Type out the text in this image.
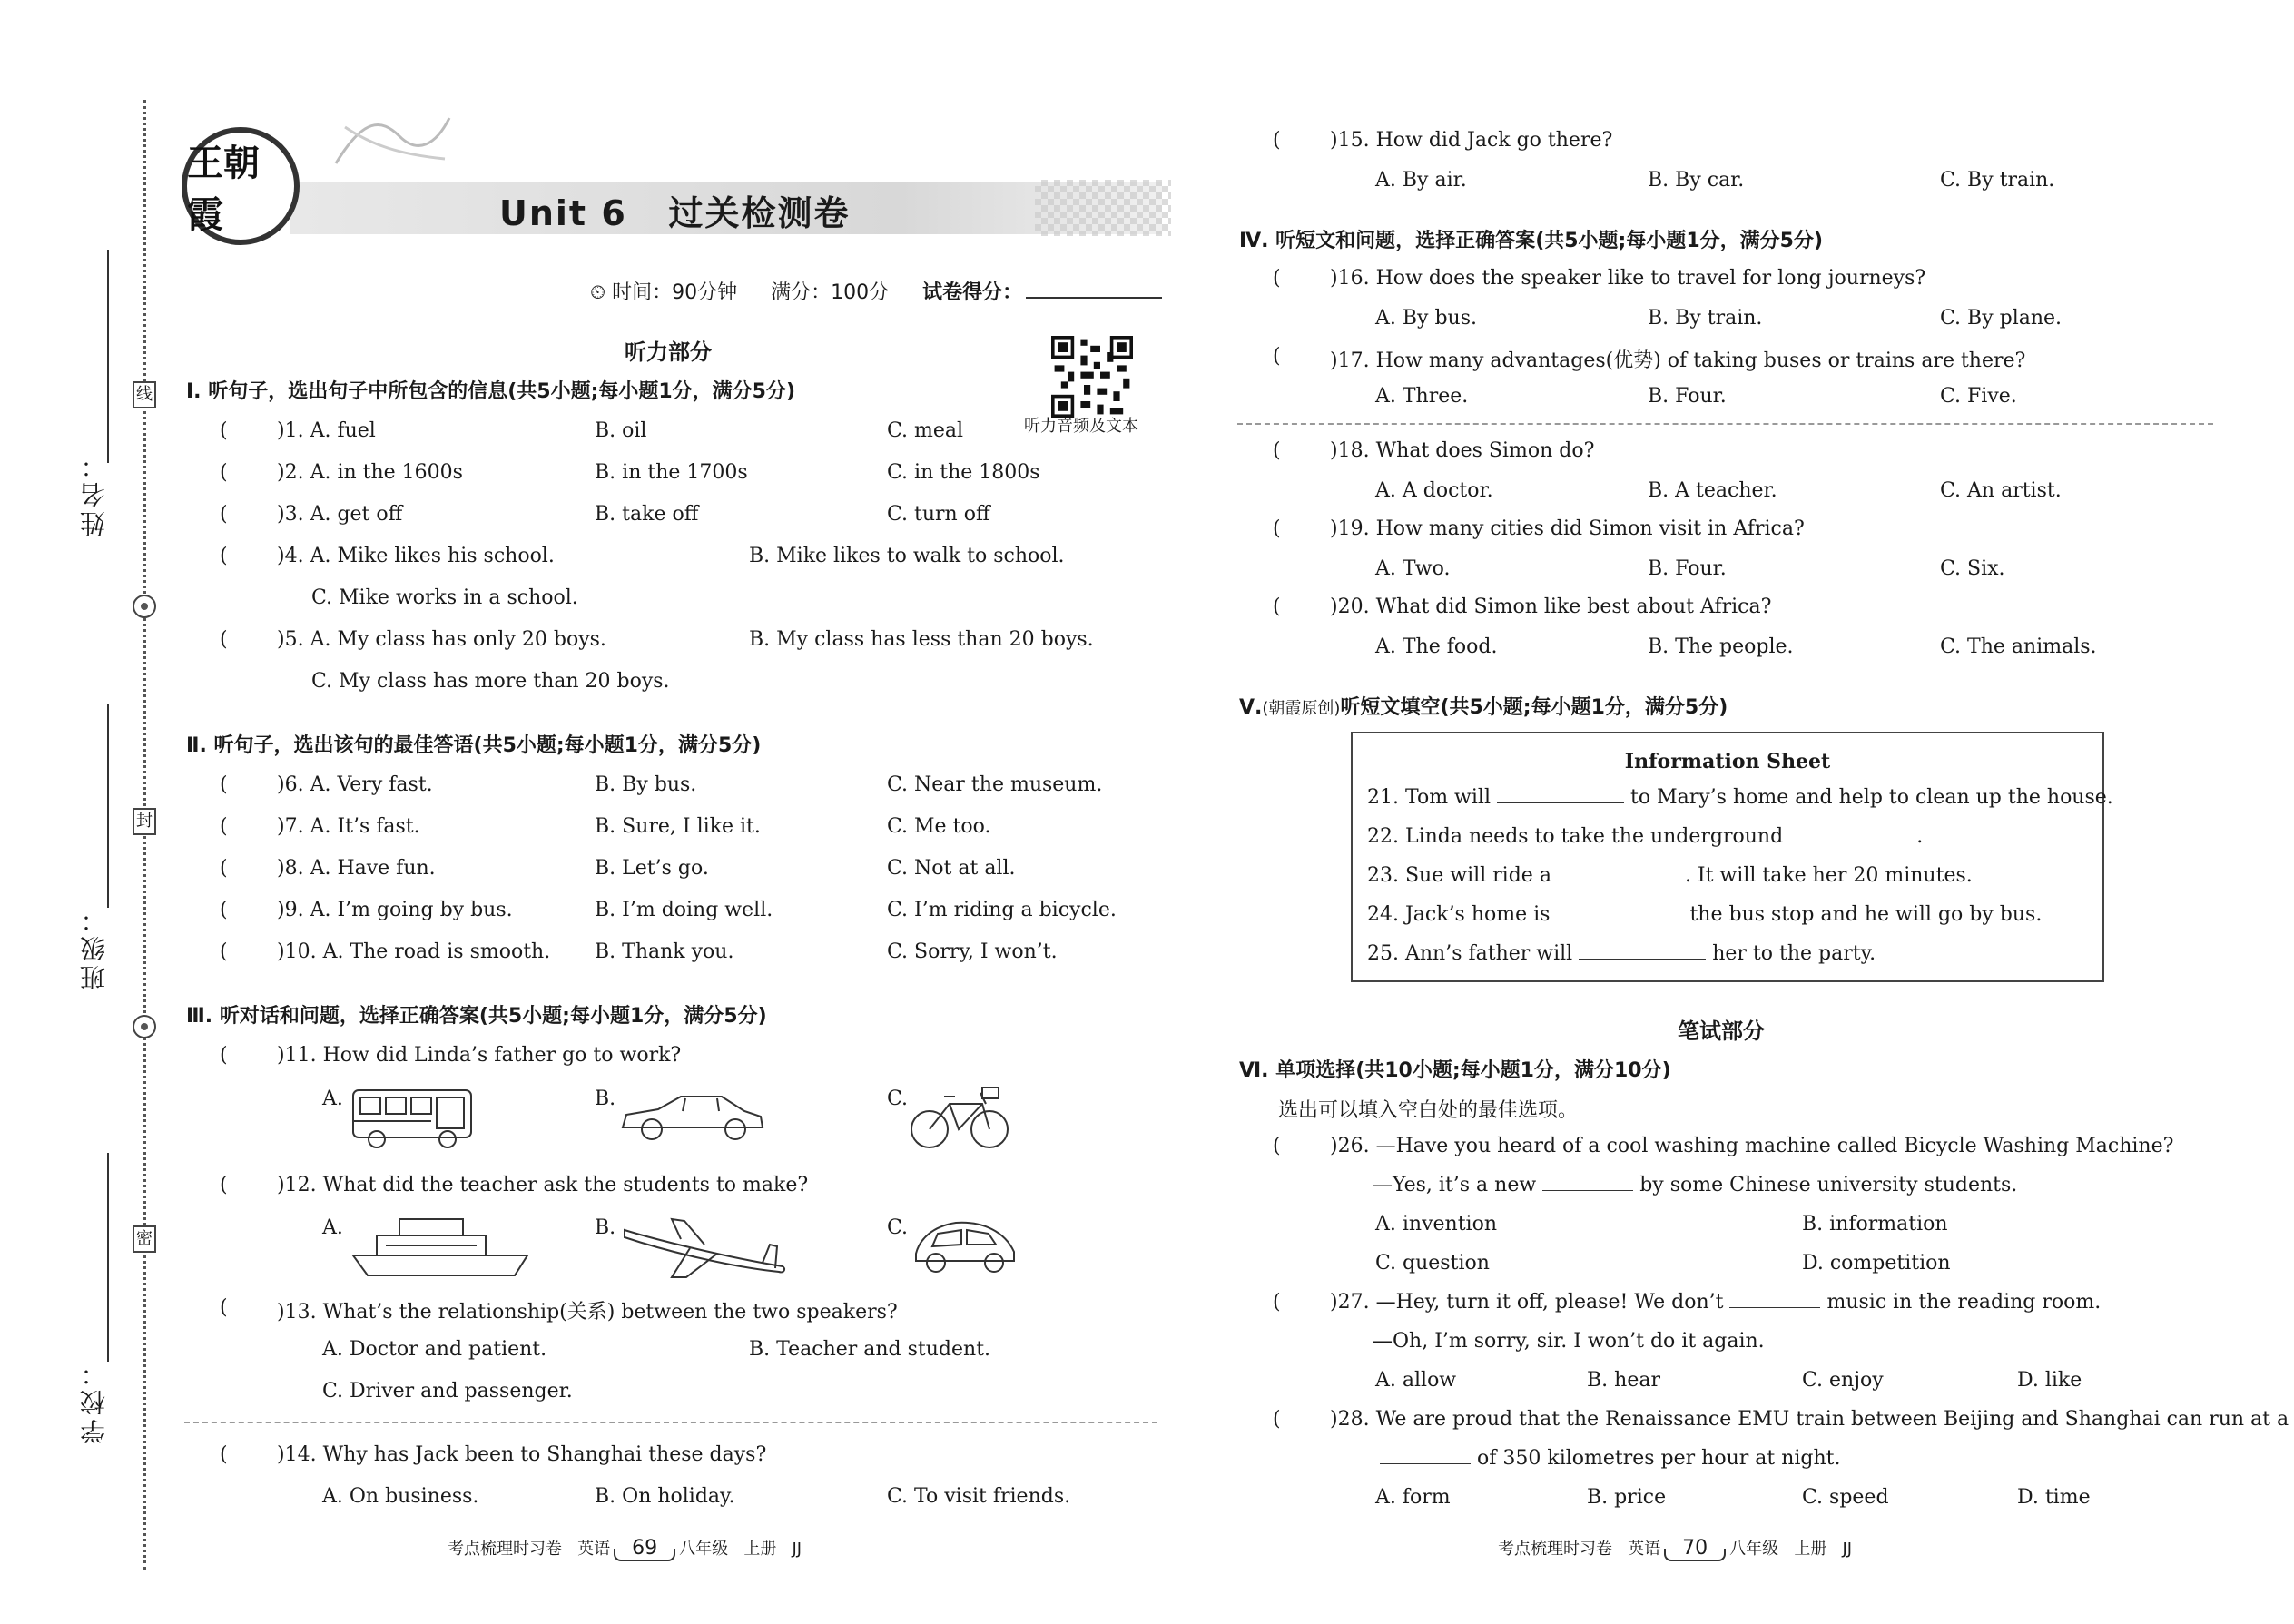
姓名：
班级：
学校：
线
封
密
王朝霞	Unit 6   过关检测卷
⏲ 时间：90分钟 满分：100分 试卷得分：
听力音频及文本
听力部分
Ⅰ. 听句子，选出句子中所包含的信息(共5小题;每小题1分，满分5分)
( )1. A. fuel	B. oil	C. meal
( )2. A. in the 1600s	B. in the 1700s	C. in the 1800s
( )3. A. get off	B. take off	C. turn off
( )4. A. Mike likes his school.	B. Mike likes to walk to school.
C. Mike works in a school.
( )5. A. My class has only 20 boys.	B. My class has less than 20 boys.
C. My class has more than 20 boys.
Ⅱ. 听句子，选出该句的最佳答语(共5小题;每小题1分，满分5分)
( )6. A. Very fast.	B. By bus.	C. Near the museum.
( )7. A. It’s fast.	B. Sure, I like it.	C. Me too.
( )8. A. Have fun.	B. Let’s go.	C. Not at all.
( )9. A. I’m going by bus.	B. I’m doing well.	C. I’m riding a bicycle.
( )10. A. The road is smooth. B. Thank you.	C. Sorry, I won’t.
Ⅲ. 听对话和问题，选择正确答案(共5小题;每小题1分，满分5分)
( )11. How did Linda’s father go to work?
A.	B.	C.
( )12. What did the teacher ask the students to make?
A.	B.	C.
( )13. What’s the relationship(关系) between the two speakers?
A. Doctor and patient.	B. Teacher and student.
C. Driver and passenger.
( )14. Why has Jack been to Shanghai these days?
A. On business.	B. On holiday.	C. To visit friends.
考点梳理时习卷   英语 69 八年级   上册   JJ
( )15. How did Jack go there?
A. By air.	B. By car.	C. By train.
Ⅳ. 听短文和问题，选择正确答案(共5小题;每小题1分，满分5分)
( )16. How does the speaker like to travel for long journeys?
A. By bus.	B. By train.	C. By plane.
( )17. How many advantages(优势) of taking buses or trains are there?
A. Three.	B. Four.	C. Five.
( )18. What does Simon do?
A. A doctor.	B. A teacher.	C. An artist.
( )19. How many cities did Simon visit in Africa?
A. Two.	B. Four.	C. Six.
( )20. What did Simon like best about Africa?
A. The food.	B. The people.	C. The animals.
Ⅴ.(朝霞原创)听短文填空(共5小题;每小题1分，满分5分)
Information Sheet
21. Tom will	to Mary’s home and help to clean up the house.
22. Linda needs to take the underground	.
23. Sue will ride a	. It will take her 20 minutes.
24. Jack’s home is	the bus stop and he will go by bus.
25. Ann’s father will	her to the party.
笔试部分
Ⅵ. 单项选择(共10小题;每小题1分，满分10分)
选出可以填入空白处的最佳选项。
( )26. —Have you heard of a cool washing machine called Bicycle Washing Machine?
—Yes, it’s a new	by some Chinese university students.
A. invention	B. information
C. question	D. competition
( )27. —Hey, turn it off, please! We don’t	music in the reading room.
—Oh, I’m sorry, sir. I won’t do it again.
A. allow	B. hear	C. enjoy	D. like
( )28. We are proud that the Renaissance EMU train between Beijing and Shanghai can run at a
of 350 kilometres per hour at night.
A. form	B. price	C. speed	D. time
考点梳理时习卷   英语 70 八年级   上册   JJ
